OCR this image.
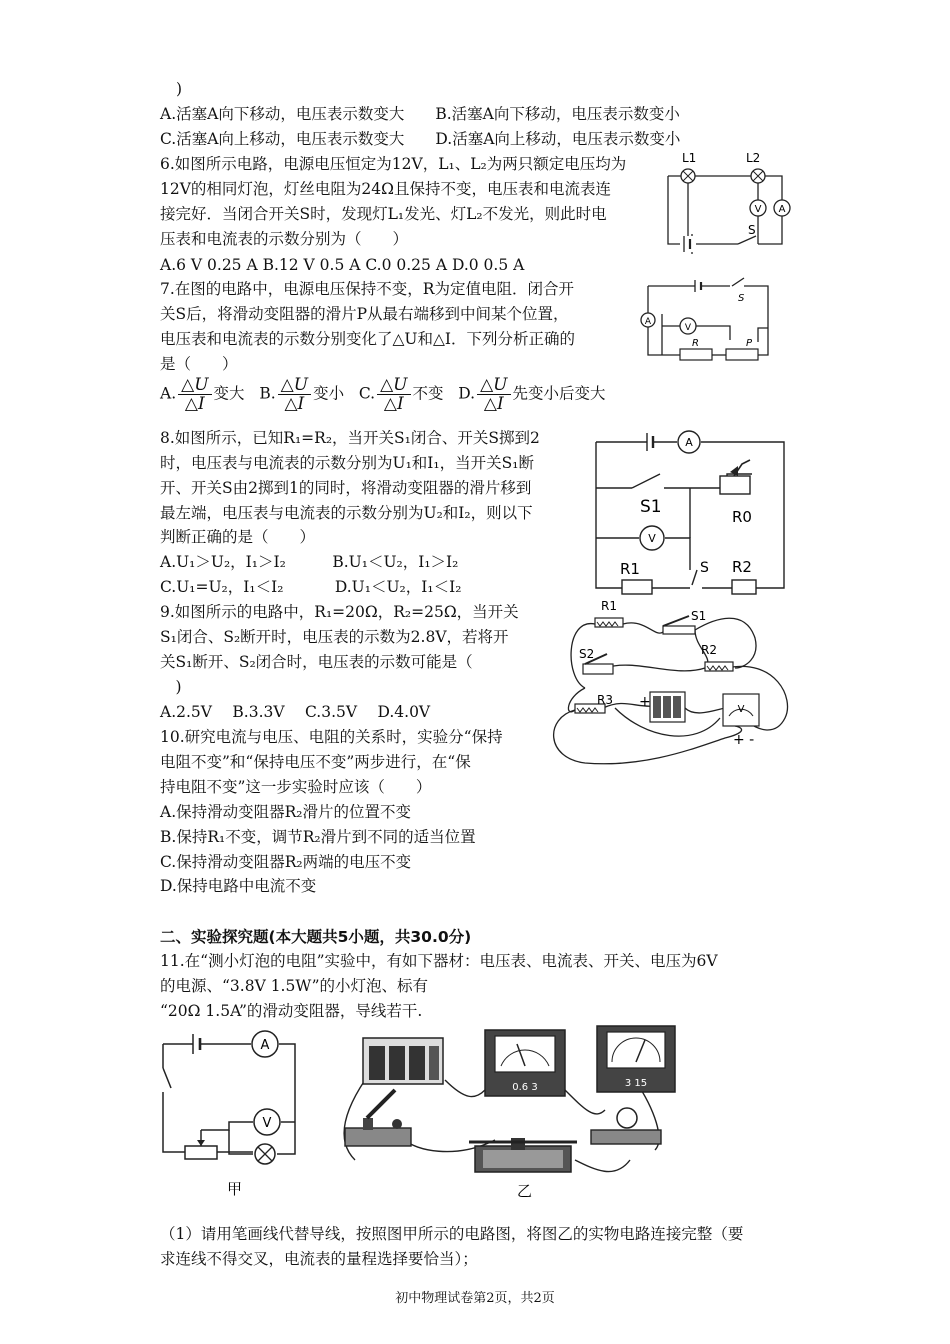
)
A.活塞A向下移动，电压表示数变大　　B.活塞A向下移动，电压表示数变小
C.活塞A向上移动，电压表示数变大　　D.活塞A向上移动，电压表示数变小
6.如图所示电路，电源电压恒定为12V，L₁、L₂为两只额定电压均为
12V的相同灯泡，灯丝电阻为24Ω且保持不变，电压表和电流表连
接完好．当闭合开关S时，发现灯L₁发光、灯L₂不发光，则此时电
压表和电流表的示数分别为（　　）
A.6 V 0.25 A B.12 V 0.5 A C.0 0.25 A D.0 0.5 A
7.在图的电路中，电源电压保持不变，R为定值电阻．闭合开
关S后，将滑动变阻器的滑片P从最右端移到中间某个位置，
电压表和电流表的示数分别变化了△U和△I．下列分析正确的
是（　　）
A. $\frac{\triangle U}{\triangle I}$ 变大 B. $\frac{\triangle U}{\triangle I}$ 变小 C. $\frac{\triangle U}{\triangle I}$ 不变 D. $\frac{\triangle U}{\triangle I}$ 先变小后变大
8.如图所示，已知R₁=R₂，当开关S₁闭合、开关S掷到2
时，电压表与电流表的示数分别为U₁和I₁，当开关S₁断
开、开关S由2掷到1的同时，将滑动变阻器的滑片移到
最左端，电压表与电流表的示数分别为U₂和I₂，则以下
判断正确的是（　　）
A.U₁＞U₂，I₁＞I₂　　　B.U₁＜U₂，I₁＞I₂
C.U₁=U₂，I₁＜I₂　　　 D.U₁＜U₂，I₁＜I₂
9.如图所示的电路中，R₁=20Ω，R₂=25Ω，当开关
S₁闭合、S₂断开时，电压表的示数为2.8V，若将开
关S₁断开、S₂闭合时，电压表的示数可能是（
　)
A.2.5V　 B.3.3V　 C.3.5V　 D.4.0V
10.研究电流与电压、电阻的关系时，实验分“保持
电阻不变”和“保持电压不变”两步进行，在“保
持电阻不变”这一步实验时应该（　　）
A.保持滑动变阻器R₂滑片的位置不变
B.保持R₁不变，调节R₂滑片到不同的适当位置
C.保持滑动变阻器R₂两端的电压不变
D.保持电路中电流不变
二、实验探究题(本大题共5小题，共30.0分)
11.在“测小灯泡的电阻”实验中，有如下器材：电压表、电流表、开关、电压为6V
的电源、“3.8V 1.5W”的小灯泡、标有
“20Ω 1.5A”的滑动变阻器，导线若干.
（1）请用笔画线代替导线，按照图甲所示的电路图，将图乙的实物电路连接完整（要
求连线不得交叉，电流表的量程选择要恰当）；
初中物理试卷第2页，共2页
V A
L1	L2
S
A
V
S
R	P
A
V
S1	R0
R1	S R2
V
R1
S1
R2
S2
R3 +
+ -
A
V
甲
0.6 3	3 15
乙
